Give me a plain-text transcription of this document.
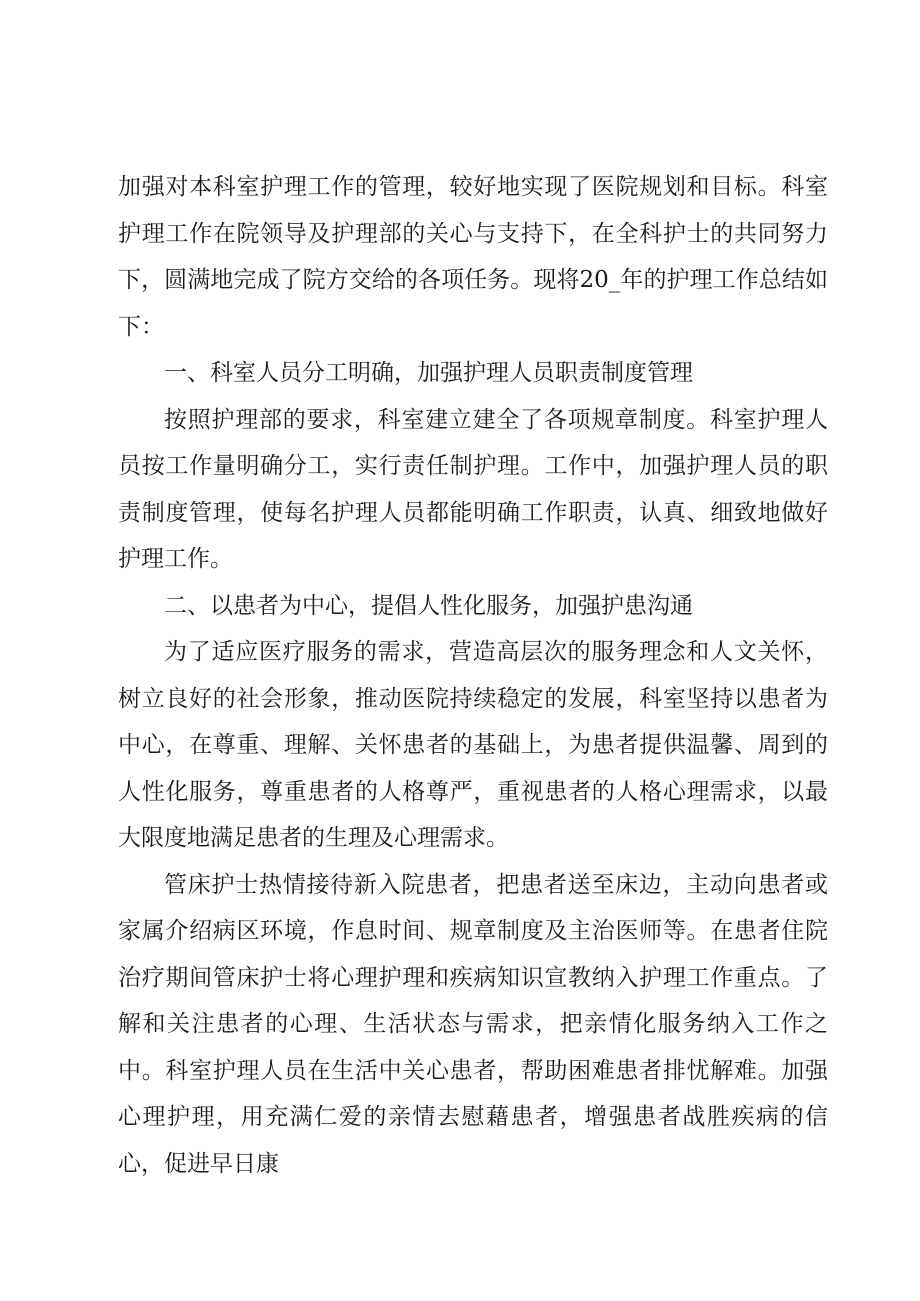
加强对本科室护理工作的管理，较好地实现了医院规划和目标。科室护理工作在院领导及护理部的关心与支持下，在全科护士的共同努力下，圆满地完成了院方交给的各项任务。现将20_年的护理工作总结如下：

一、科室人员分工明确，加强护理人员职责制度管理

按照护理部的要求，科室建立建全了各项规章制度。科室护理人员按工作量明确分工，实行责任制护理。工作中，加强护理人员的职责制度管理，使每名护理人员都能明确工作职责，认真、细致地做好护理工作。

二、以患者为中心，提倡人性化服务，加强护患沟通

为了适应医疗服务的需求，营造高层次的服务理念和人文关怀，树立良好的社会形象，推动医院持续稳定的发展，科室坚持以患者为中心，在尊重、理解、关怀患者的基础上，为患者提供温馨、周到的人性化服务，尊重患者的人格尊严，重视患者的人格心理需求，以最大限度地满足患者的生理及心理需求。

管床护士热情接待新入院患者，把患者送至床边，主动向患者或家属介绍病区环境，作息时间、规章制度及主治医师等。在患者住院治疗期间管床护士将心理护理和疾病知识宣教纳入护理工作重点。了解和关注患者的心理、生活状态与需求，把亲情化服务纳入工作之中。科室护理人员在生活中关心患者，帮助困难患者排忧解难。加强心理护理，用充满仁爱的亲情去慰藉患者，增强患者战胜疾病的信心，促进早日康
